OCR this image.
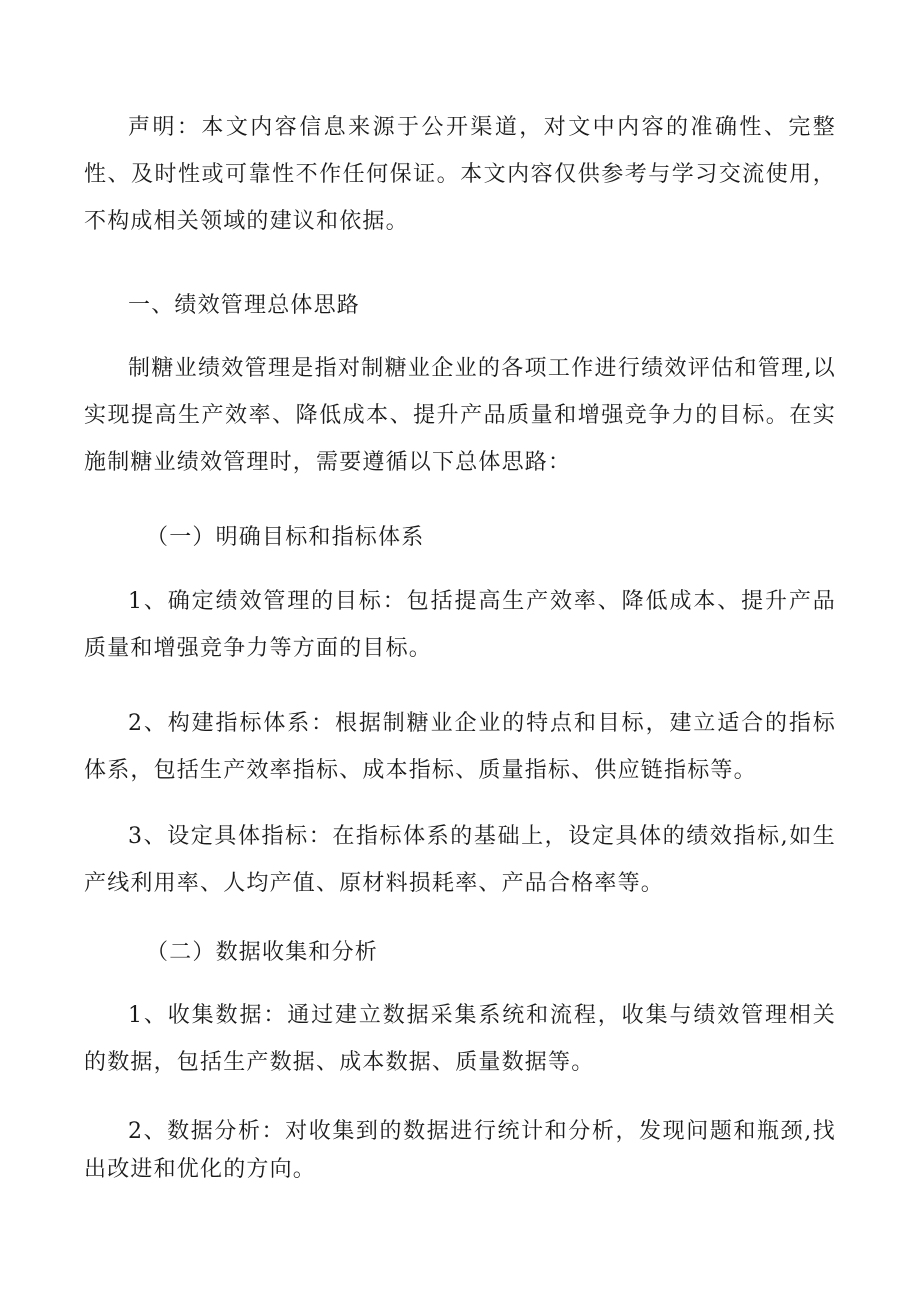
声明：本文内容信息来源于公开渠道，对文中内容的准确性、完整性、及时性或可靠性不作任何保证。本文内容仅供参考与学习交流使用，不构成相关领域的建议和依据。

一、绩效管理总体思路

制糖业绩效管理是指对制糖业企业的各项工作进行绩效评估和管理,以实现提高生产效率、降低成本、提升产品质量和增强竞争力的目标。在实施制糖业绩效管理时，需要遵循以下总体思路：

（一）明确目标和指标体系

1、确定绩效管理的目标：包括提高生产效率、降低成本、提升产品质量和增强竞争力等方面的目标。

2、构建指标体系：根据制糖业企业的特点和目标，建立适合的指标体系，包括生产效率指标、成本指标、质量指标、供应链指标等。

3、设定具体指标：在指标体系的基础上，设定具体的绩效指标,如生产线利用率、人均产值、原材料损耗率、产品合格率等。

（二）数据收集和分析

1、收集数据：通过建立数据采集系统和流程，收集与绩效管理相关的数据，包括生产数据、成本数据、质量数据等。

2、数据分析：对收集到的数据进行统计和分析，发现问题和瓶颈,找出改进和优化的方向。
